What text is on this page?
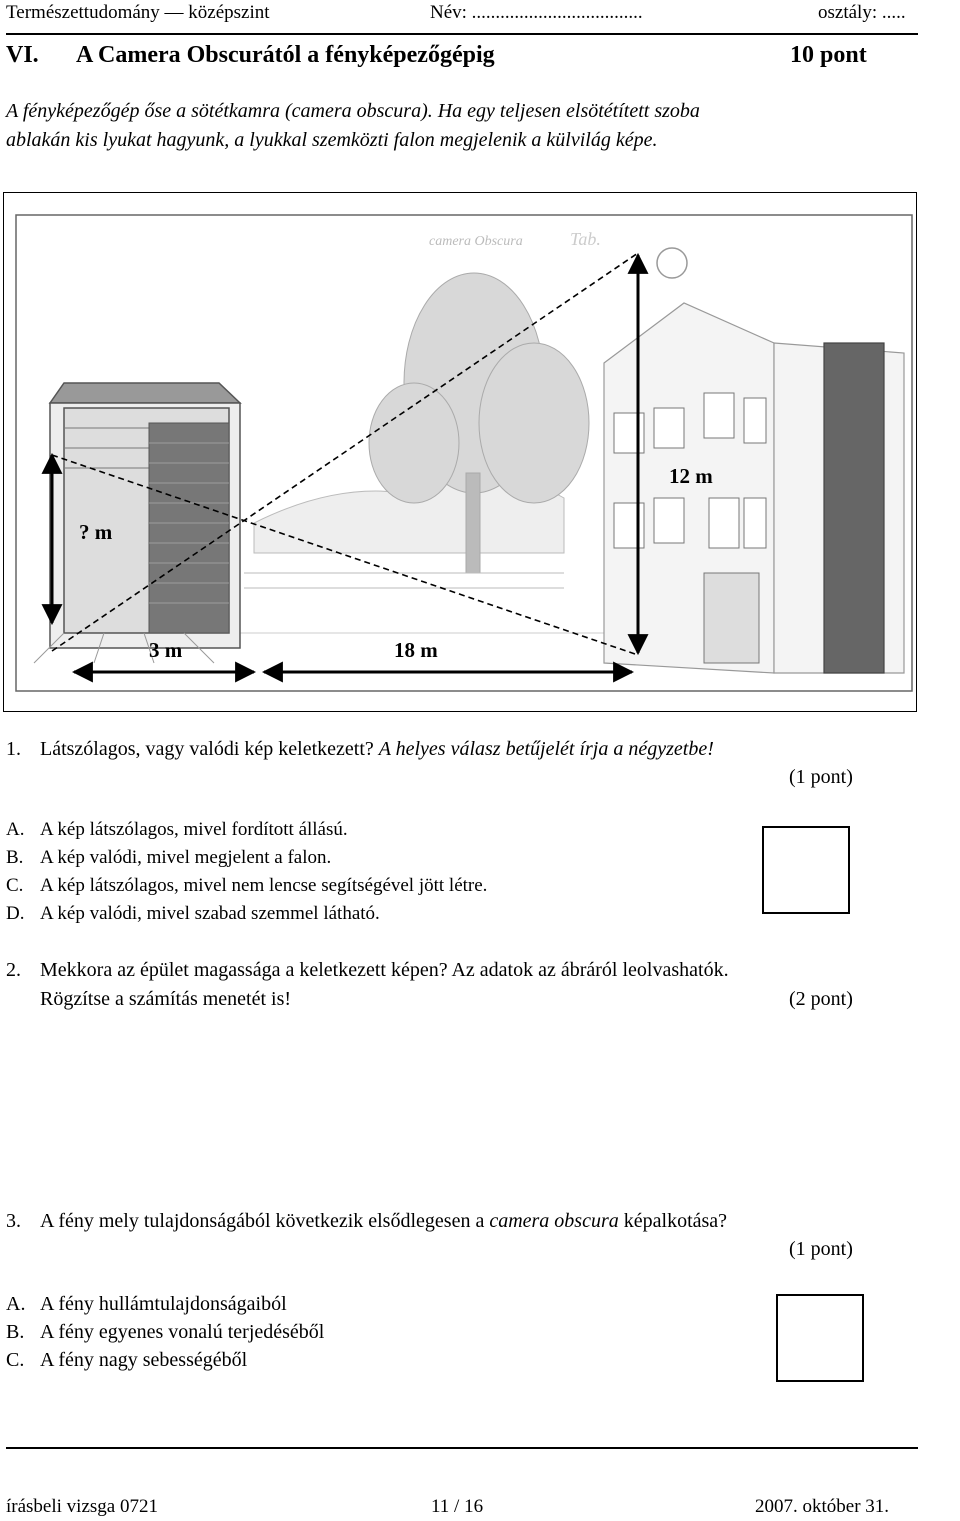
Természettudomány — középszint	Név: ....................................	osztály: .....
VI. A Camera Obscurától a fényképezőgépig	10 pont
A fényképezőgép őse a sötétkamra (camera obscura). Ha egy teljesen elsötétített szoba
ablakán kis lyukat hagyunk, a lyukkal szemközti falon megjelenik a külvilág képe.
camera Obscura	Tab.
12 m
? m
3 m	18 m
1. Látszólagos, vagy valódi kép keletkezett? A helyes válasz betűjelét írja a négyzetbe!
(1 pont)
A. A kép látszólagos, mivel fordított állású.
B. A kép valódi, mivel megjelent a falon.
C. A kép látszólagos, mivel nem lencse segítségével jött létre.
D. A kép valódi, mivel szabad szemmel látható.
2. Mekkora az épület magassága a keletkezett képen? Az adatok az ábráról leolvashatók.
Rögzítse a számítás menetét is!	(2 pont)
3. A fény mely tulajdonságából következik elsődlegesen a camera obscura képalkotása?
(1 pont)
A. A fény hullámtulajdonságaiból
B. A fény egyenes vonalú terjedéséből
C. A fény nagy sebességéből
írásbeli vizsga 0721	11 / 16	2007. október 31.
